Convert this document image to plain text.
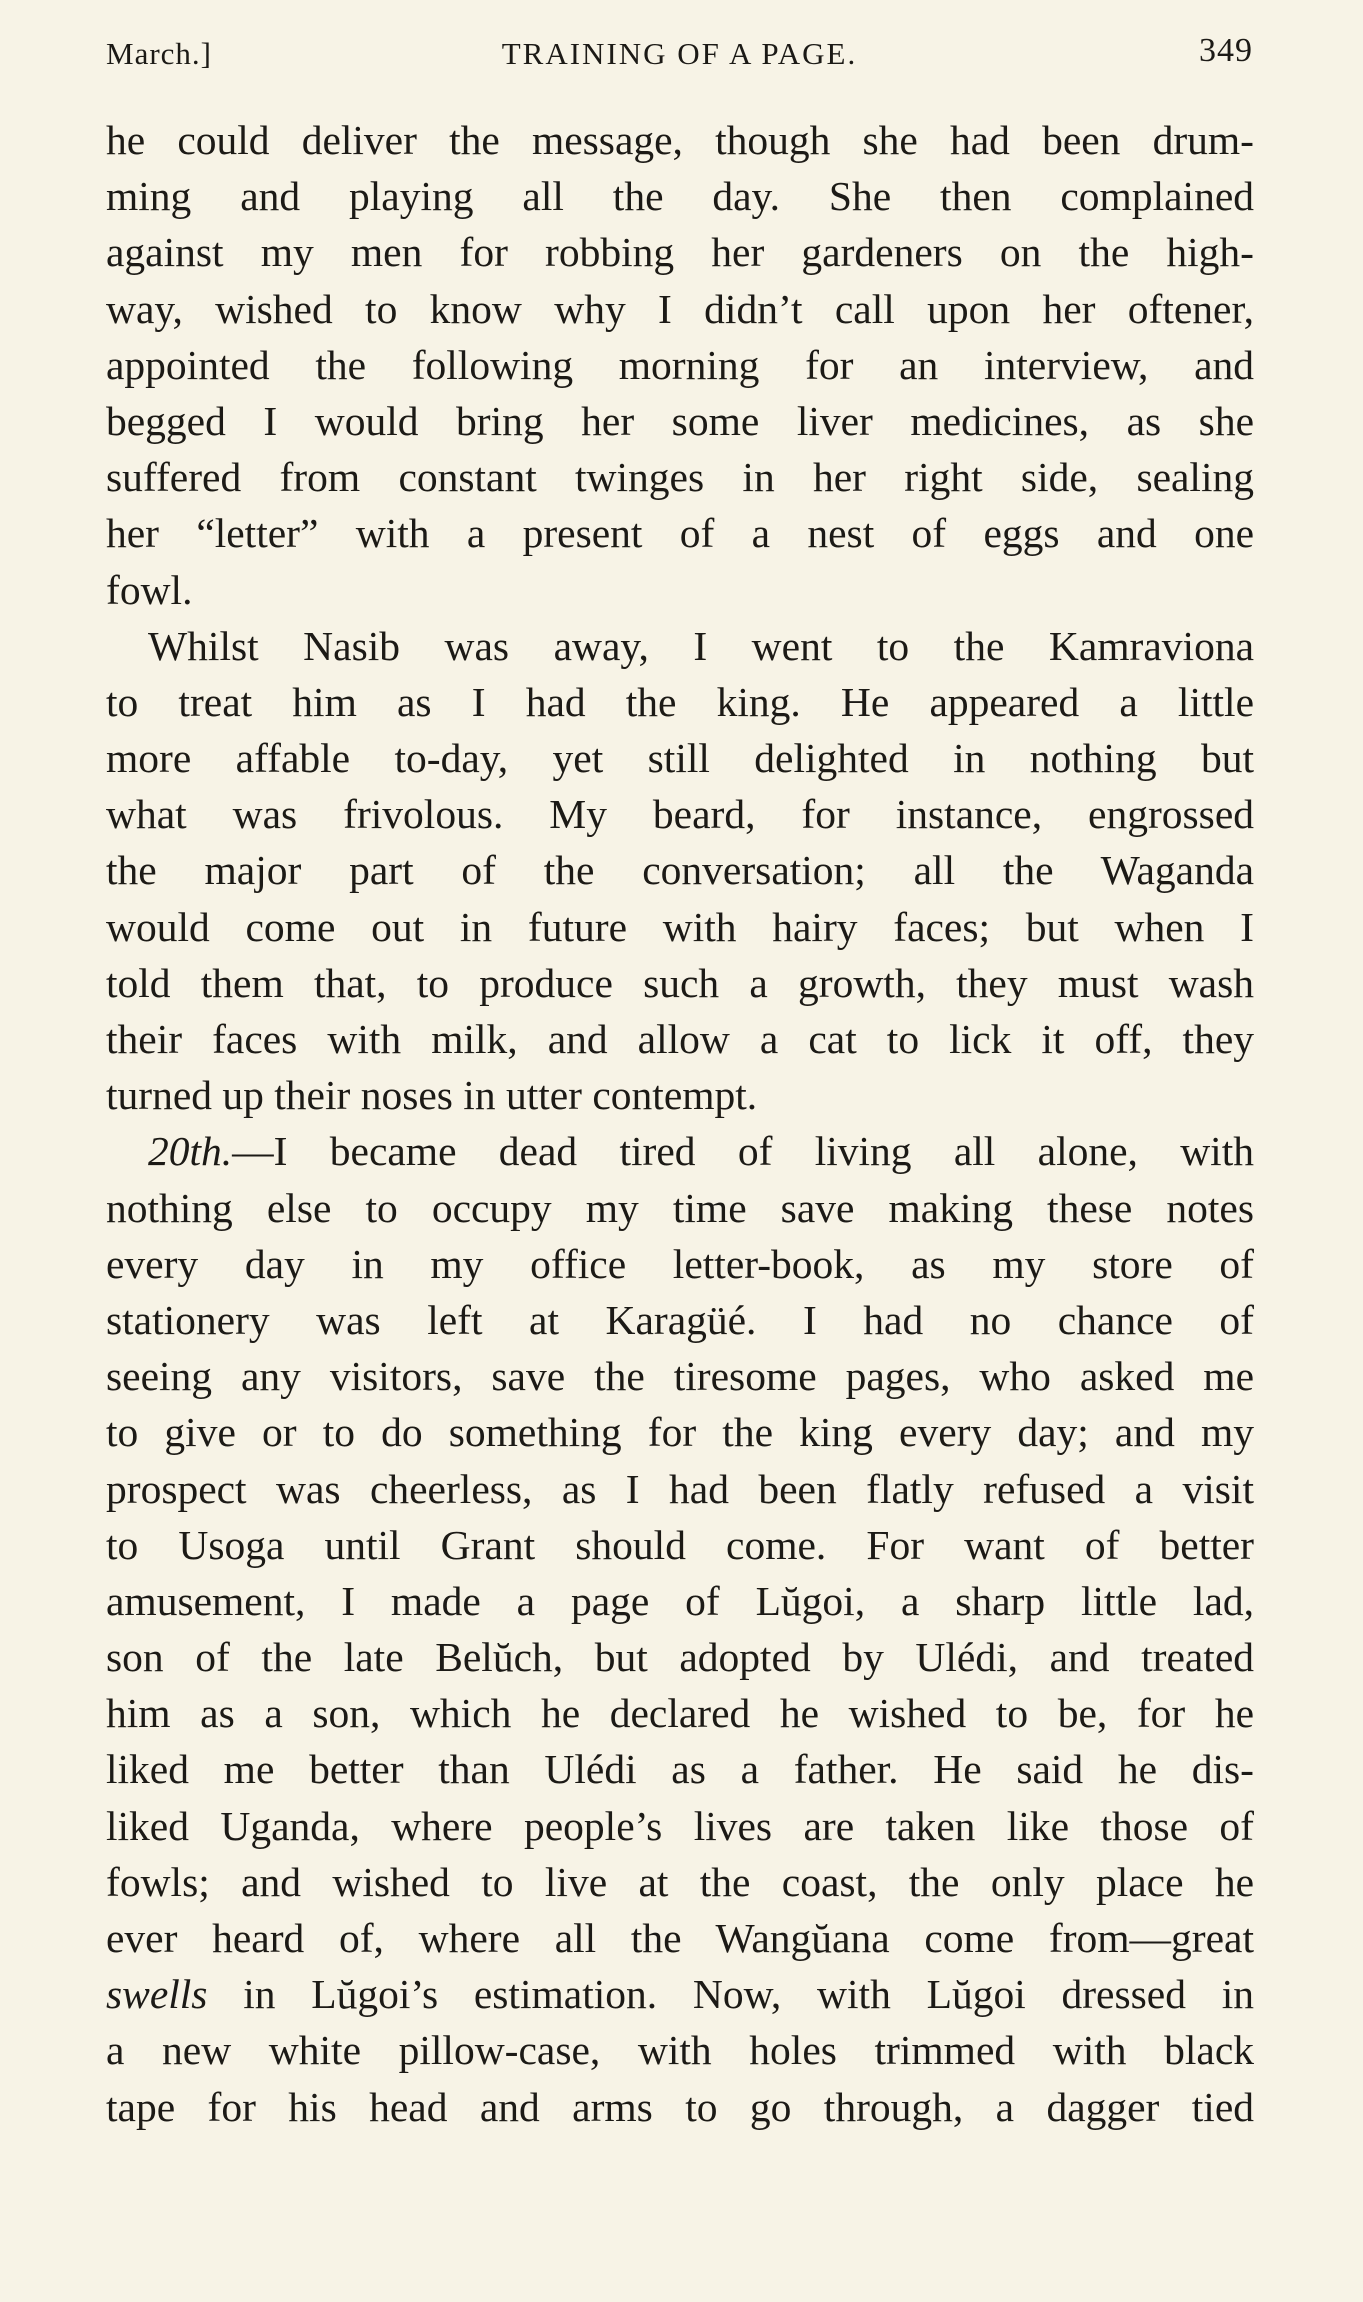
March.]	TRAINING OF A PAGE.	349
he could deliver the message, though she had been drum-
ming and playing all the day. She then complained
against my men for robbing her gardeners on the high-
way, wished to know why I didn’t call upon her oftener,
appointed the following morning for an interview, and
begged I would bring her some liver medicines, as she
suffered from constant twinges in her right side, sealing
her “letter” with a present of a nest of eggs and one
fowl.
Whilst Nasib was away, I went to the Kamraviona
to treat him as I had the king. He appeared a little
more affable to-day, yet still delighted in nothing but
what was frivolous. My beard, for instance, engrossed
the major part of the conversation; all the Waganda
would come out in future with hairy faces; but when I
told them that, to produce such a growth, they must wash
their faces with milk, and allow a cat to lick it off, they
turned up their noses in utter contempt.
20th.—I became dead tired of living all alone, with
nothing else to occupy my time save making these notes
every day in my office letter-book, as my store of
stationery was left at Karagüé. I had no chance of
seeing any visitors, save the tiresome pages, who asked me
to give or to do something for the king every day; and my
prospect was cheerless, as I had been flatly refused a visit
to Usoga until Grant should come. For want of better
amusement, I made a page of Lŭgoi, a sharp little lad,
son of the late Belŭch, but adopted by Ulédi, and treated
him as a son, which he declared he wished to be, for he
liked me better than Ulédi as a father. He said he dis-
liked Uganda, where people’s lives are taken like those of
fowls; and wished to live at the coast, the only place he
ever heard of, where all the Wangŭana come from—great
swells in Lŭgoi’s estimation. Now, with Lŭgoi dressed in
a new white pillow-case, with holes trimmed with black
tape for his head and arms to go through, a dagger tied
